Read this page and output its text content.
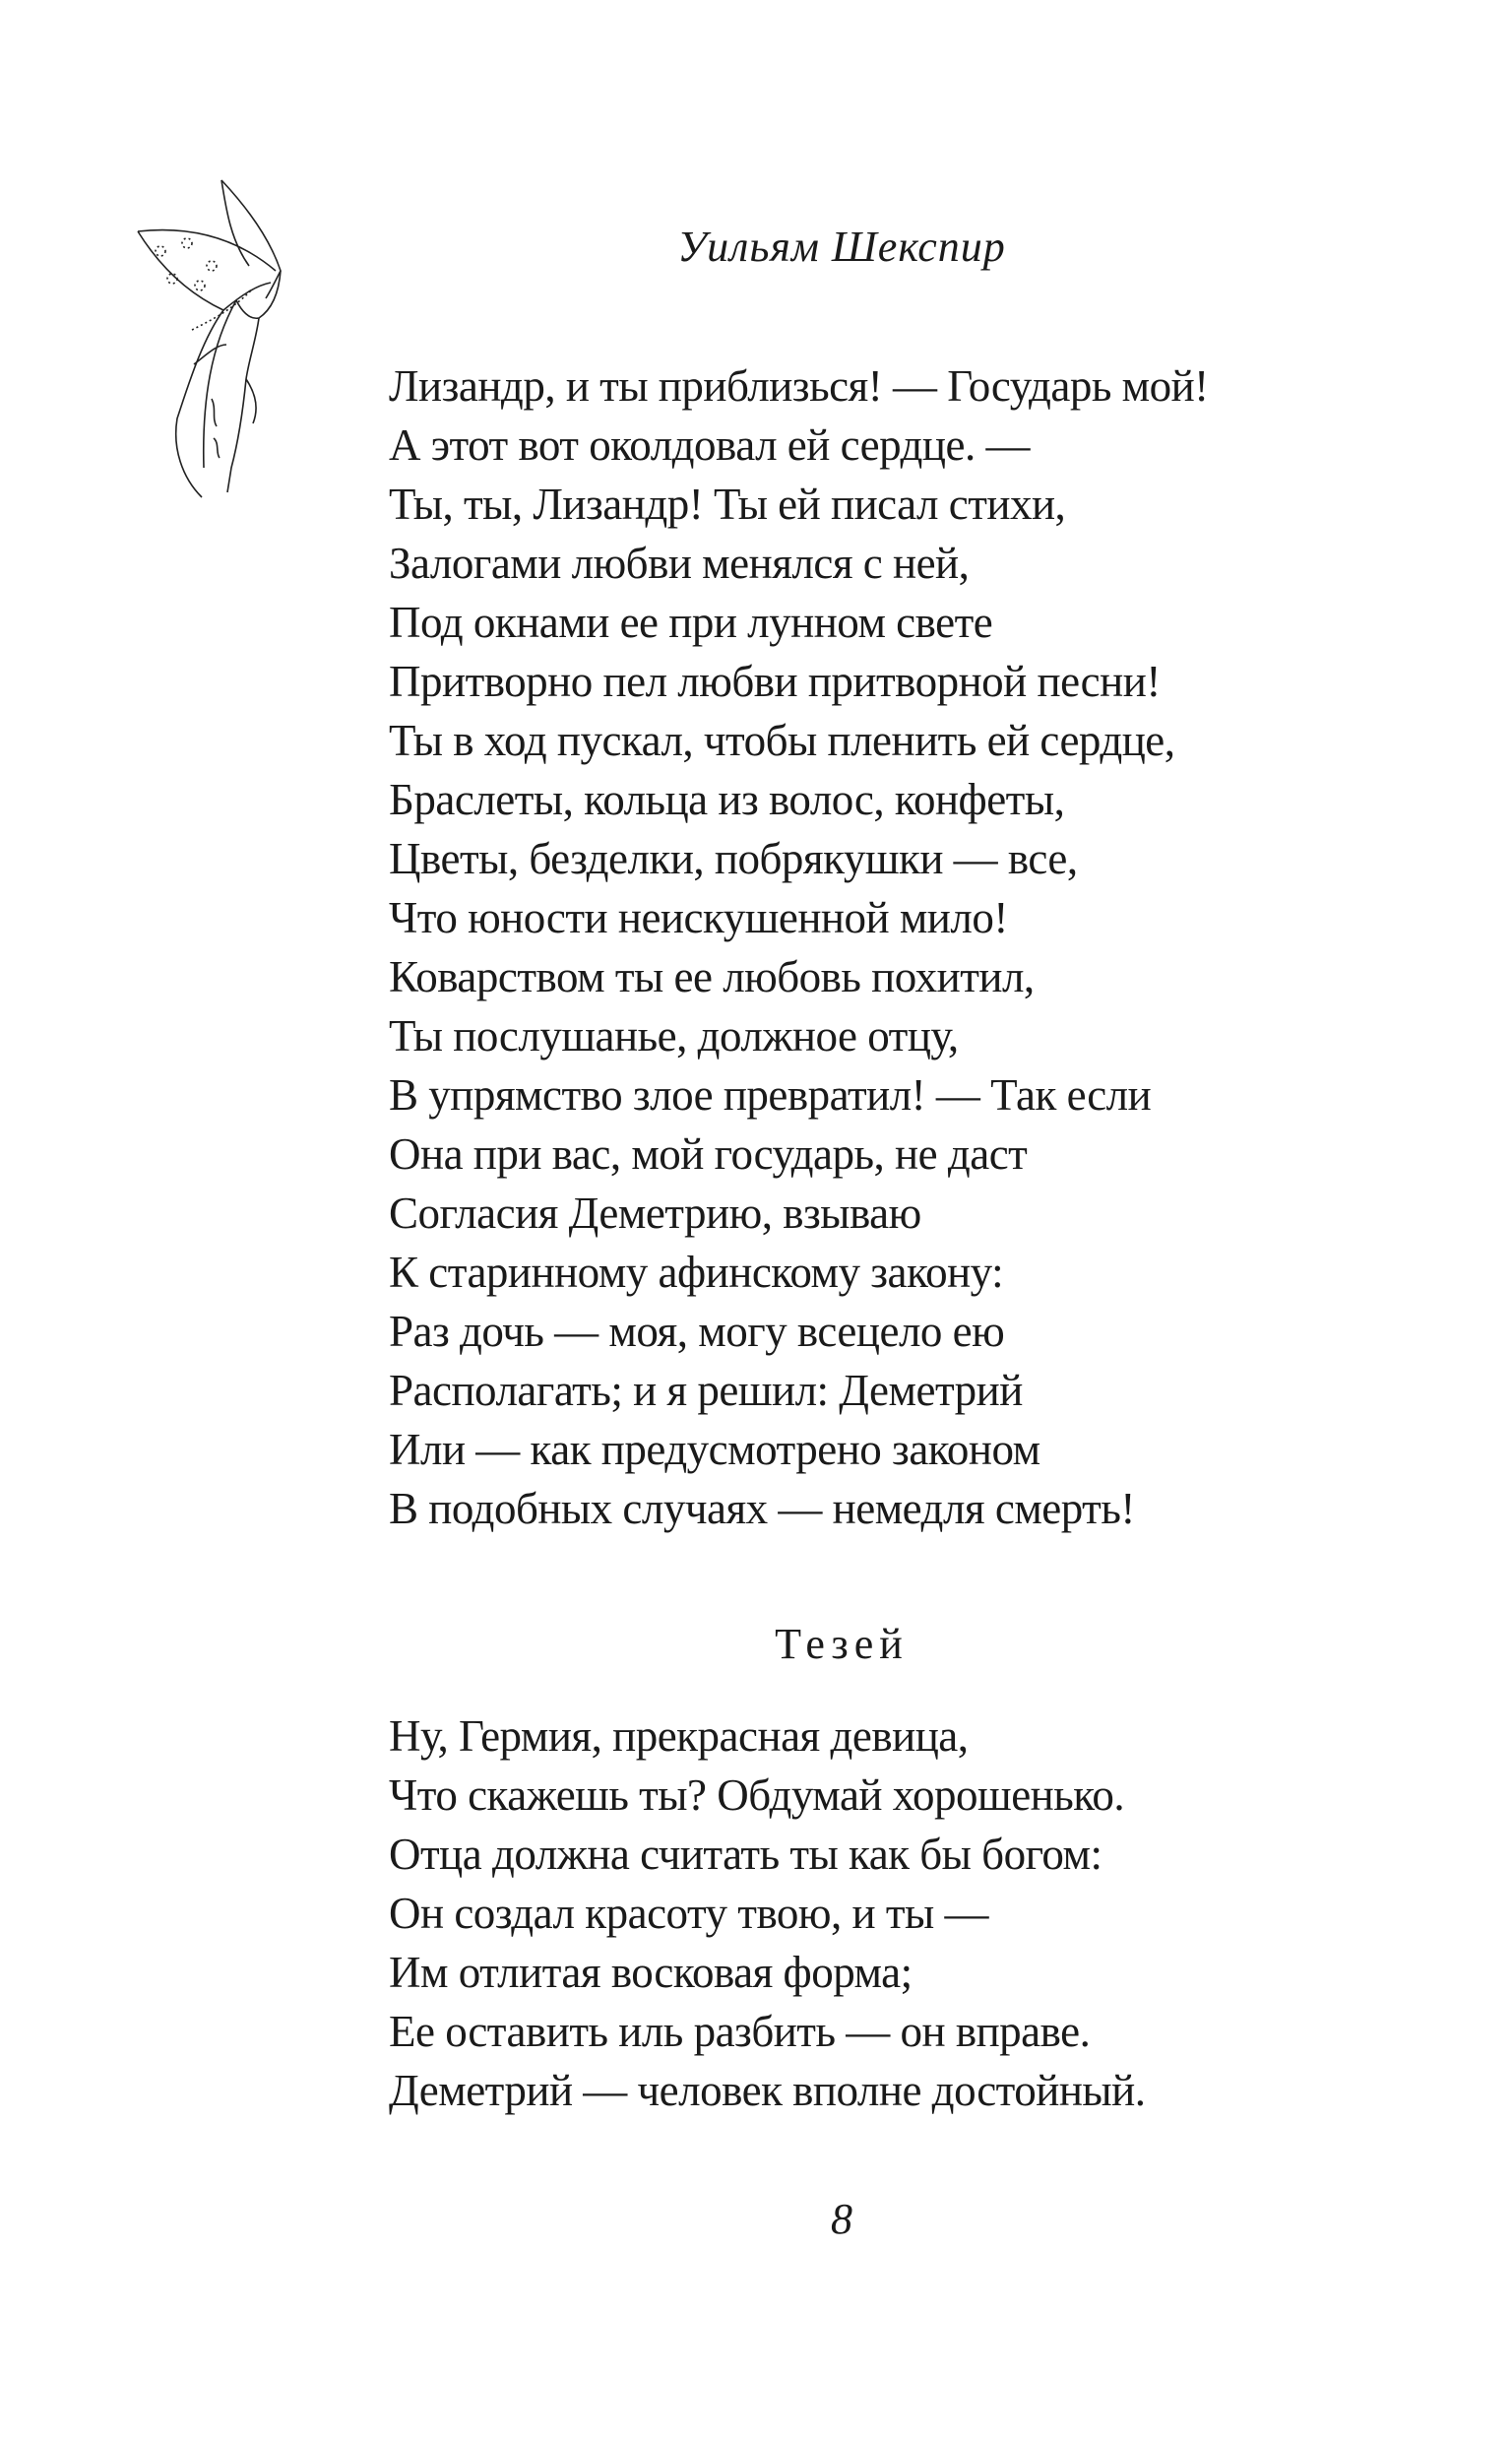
Уильям Шекспир
Лизандр, и ты приблизься! — Государь мой!
А этот вот околдовал ей сердце. —
Ты, ты, Лизандр! Ты ей писал стихи,
Залогами любви менялся с ней,
Под окнами ее при лунном свете
Притворно пел любви притворной песни!
Ты в ход пускал, чтобы пленить ей сердце,
Браслеты, кольца из волос, конфеты,
Цветы, безделки, побрякушки — все,
Что юности неискушенной мило!
Коварством ты ее любовь похитил,
Ты послушанье, должное отцу,
В упрямство злое превратил! — Так если
Она при вас, мой государь, не даст
Согласия Деметрию, взываю
К старинному афинскому закону:
Раз дочь — моя, могу всецело ею
Располагать; и я решил: Деметрий
Или — как предусмотрено законом
В подобных случаях — немедля смерть!
Тезей
Ну, Гермия, прекрасная девица,
Что скажешь ты? Обдумай хорошенько.
Отца должна считать ты как бы богом:
Он создал красоту твою, и ты —
Им отлитая восковая форма;
Ее оставить иль разбить — он вправе.
Деметрий — человек вполне достойный.
8
